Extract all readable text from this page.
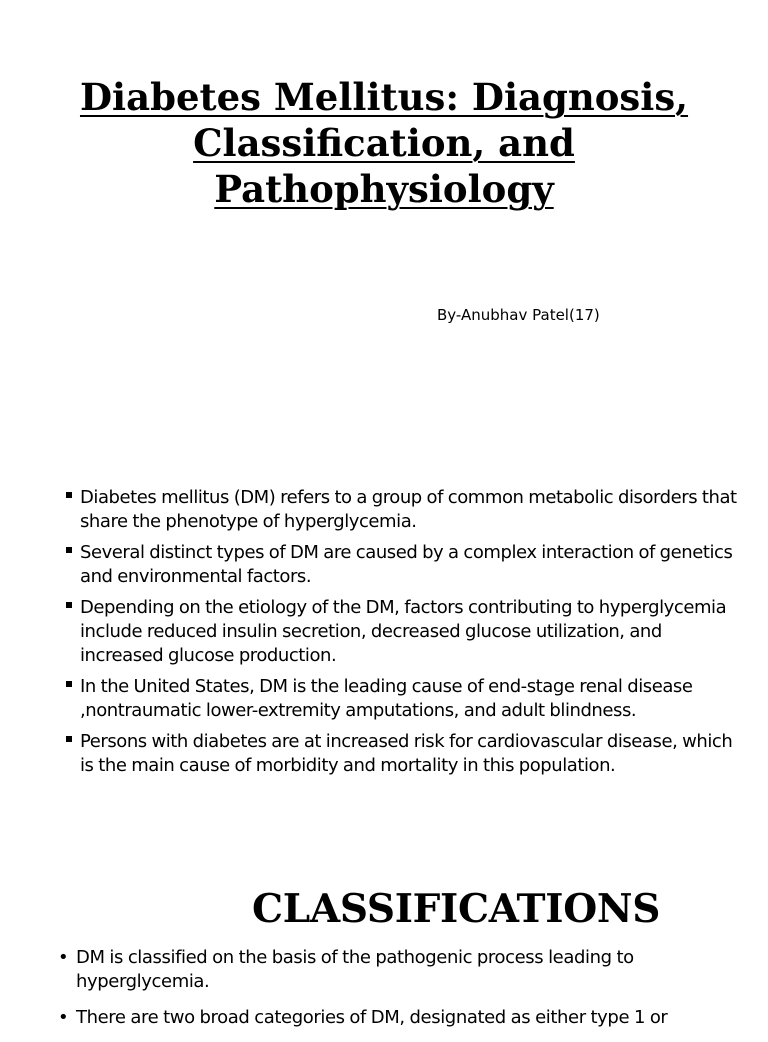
Diabetes Mellitus: Diagnosis,
Classification, and
Pathophysiology

By-Anubhav Patel(17)

Diabetes mellitus (DM) refers to a group of common metabolic disorders that share the phenotype of hyperglycemia.
Several distinct types of DM are caused by a complex interaction of genetics and environmental factors.
Depending on the etiology of the DM, factors contributing to hyperglycemia include reduced insulin secretion, decreased glucose utilization, and increased glucose production.
In the United States, DM is the leading cause of end-stage renal disease ,nontraumatic lower-extremity amputations, and adult blindness.
Persons with diabetes are at increased risk for cardiovascular disease, which is the main cause of morbidity and mortality in this population.
CLASSIFICATIONS
• DM is classified on the basis of the pathogenic process leading to hyperglycemia.
• There are two broad categories of DM, designated as either type 1 or
